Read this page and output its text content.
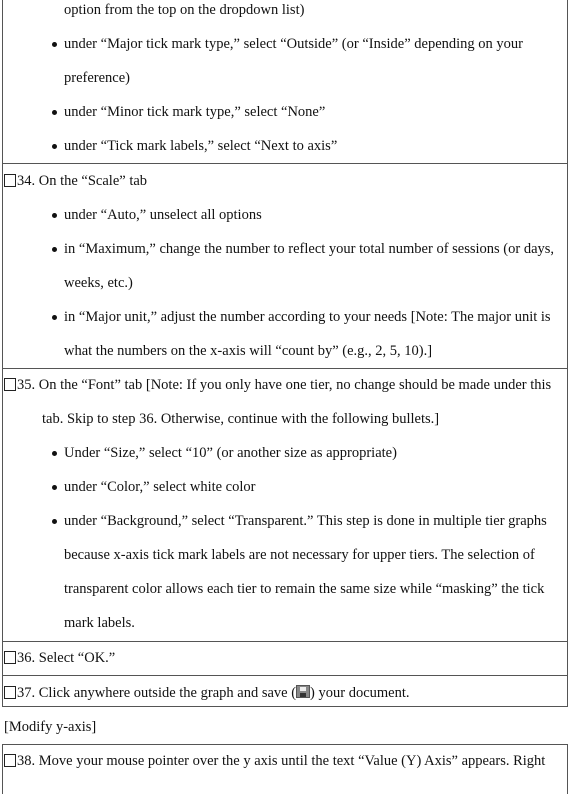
option from the top on the dropdown list)
under “Major tick mark type,” select “Outside” (or “Inside” depending on your
preference)
under “Minor tick mark type,” select “None”
under “Tick mark labels,” select “Next to axis”
34. On the “Scale” tab
under “Auto,” unselect all options
in “Maximum,” change the number to reflect your total number of sessions (or days,
weeks, etc.)
in “Major unit,” adjust the number according to your needs [Note: The major unit is
what the numbers on the x-axis will “count by” (e.g., 2, 5, 10).]
35. On the “Font” tab [Note: If you only have one tier, no change should be made under this
tab. Skip to step 36. Otherwise, continue with the following bullets.]
Under “Size,” select “10” (or another size as appropriate)
under “Color,” select white color
under “Background,” select “Transparent.” This step is done in multiple tier graphs
because x-axis tick mark labels are not necessary for upper tiers. The selection of
transparent color allows each tier to remain the same size while “masking” the tick
mark labels.
36. Select “OK.”
37. Click anywhere outside the graph and save ( ) your document.
[Modify y-axis]
38. Move your mouse pointer over the y axis until the text “Value (Y) Axis” appears. Right
